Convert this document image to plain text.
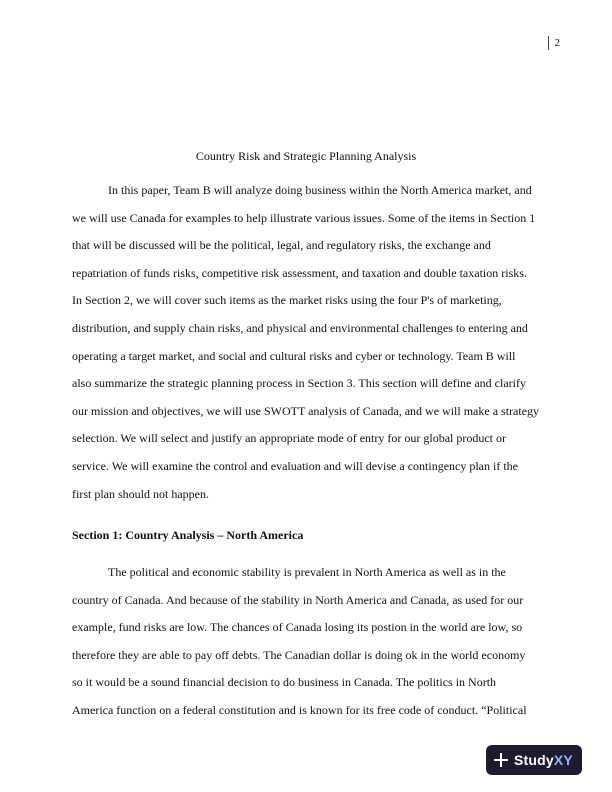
2
Country Risk and Strategic Planning Analysis
In this paper, Team B will analyze doing business within the North America market, and
we will use Canada for examples to help illustrate various issues. Some of the items in Section 1
that will be discussed will be the political, legal, and regulatory risks, the exchange and
repatriation of funds risks, competitive risk assessment, and taxation and double taxation risks.
In Section 2, we will cover such items as the market risks using the four P's of marketing,
distribution, and supply chain risks, and physical and environmental challenges to entering and
operating a target market, and social and cultural risks and cyber or technology. Team B will
also summarize the strategic planning process in Section 3. This section will define and clarify
our mission and objectives, we will use SWOTT analysis of Canada, and we will make a strategy
selection. We will select and justify an appropriate mode of entry for our global product or
service. We will examine the control and evaluation and will devise a contingency plan if the
first plan should not happen.
Section 1: Country Analysis – North America
The political and economic stability is prevalent in North America as well as in the
country of Canada. And because of the stability in North America and Canada, as used for our
example, fund risks are low. The chances of Canada losing its postion in the world are low, so
therefore they are able to pay off debts. The Canadian dollar is doing ok in the world economy
so it would be a sound financial decision to do business in Canada. The politics in North
America function on a federal constitution and is known for its free code of conduct. “Political
StudyXY
